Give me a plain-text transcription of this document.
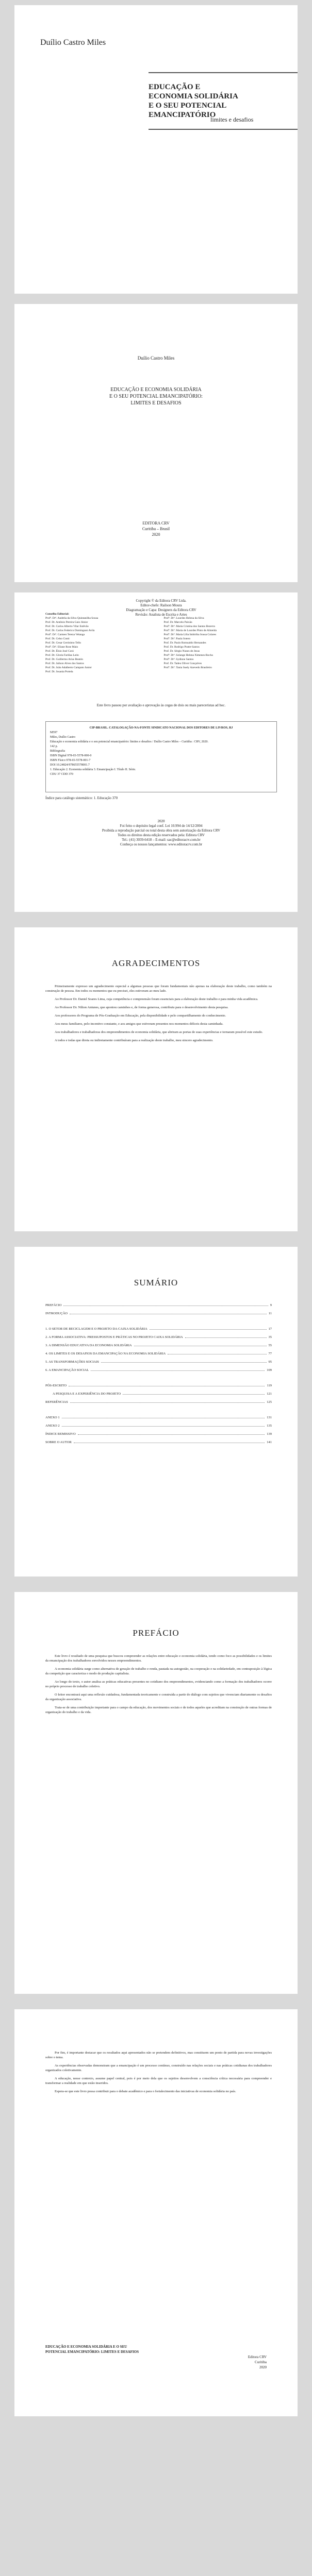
Duílio Castro Miles
EDUCAÇÃO E
ECONOMIA SOLIDÁRIA
E O SEU POTENCIAL
EMANCIPATÓRIO
limites e desafios
Duílio Castro Miles
EDUCAÇÃO E ECONOMIA SOLIDÁRIA
E O SEU POTENCIAL EMANCIPATÓRIO:
LIMITES E DESAFIOS
EDITORA CRV
Curitiba – Brasil
2020
Copyright © da Editora CRV Ltda.
Editor-chefe: Railson Moura
Diagramação e Capa: Designers da Editora CRV
Revisão: Analista de Escrita e Artes
Conselho Editorial:
Profª. Drª. Andréia da Silva Quintanilha Sousa
Prof. Dr. Antônio Pereira Gaio Júnior
Prof. Dr. Carlos Alberto Vilar Estêvão
Prof. Dr. Carlos Federico Domínguez Avila
Profª. Drª. Carmen Tereza Velanga
Prof. Dr. Celso Conti
Prof. Dr. Cesar Gerónimo Tello
Profª. Drª. Eliane Rose Maio
Prof. Dr. Élsio José Corá
Prof. Dr. Gloria Fariñas León
Prof. Dr. Guillermo Arias Beatón
Prof. Dr. Jailson Alves dos Santos
Prof. Dr. João Adalberto Campato Junior
Prof. Dr. Josania Portela

Profª. Drª. Lourdes Helena da Silva
Prof. Dr. Marcelo Paixão
Profª. Drª. Maria Cristina dos Santos Bezerra
Profª. Drª. Maria de Lourdes Pinto de Almeida
Profª. Drª. Maria Lília Imbiriba Sousa Colares
Profª. Drª. Paula Sotero
Prof. Dr. Paulo Romualdo Hernandes
Prof. Dr. Rodrigo Pratte-Santos
Prof. Dr. Sérgio Nunes de Jesus
Profª. Drª. Solange Helena Ximenes-Rocha
Profª. Drª. Sydione Santos
Prof. Dr. Tadeu Oliver Gonçalves
Profª. Drª. Tania Suely Azevedo Brasileiro
Este livro passou por avaliação e aprovação às cegas de dois ou mais pareceristas ad hoc.
CIP-BRASIL. CATALOGAÇÃO-NA-FONTE SINDICATO NACIONAL DOS EDITORES DE LIVROS, RJ
M597
Miles, Duílio Castro
Educação e economia solidária e o seu potencial emancipatório: limites e desafios / Duílio Castro Miles – Curitiba : CRV, 2020.
142 p.
Bibliografia
ISBN Digital 978-65-5578-000-0
ISBN Físico 978-65-5578-001-7
DOI 10.24824/978655578001.7
1. Educação 2. Economia solidária 3. Emancipação I. Título II. Série.
CDU 37 CDD 370
Índice para catálogo sistemático: 1. Educação 370
2020
Foi feito o depósito legal conf. Lei 10.994 de 14/12/2004
Proibida a reprodução parcial ou total desta obra sem autorização da Editora CRV
Todos os direitos desta edição reservados pela: Editora CRV
Tel.: (41) 3039-6418 – E-mail: sac@editoracrv.com.br
Conheça os nossos lançamentos: www.editoracrv.com.br
AGRADECIMENTOS

Primeiramente expresso um agradecimento especial a algumas pessoas que foram fundamentais não apenas na elaboração deste trabalho, como também na construção de pessoa. Em todos os momentos que eu precisei, eles estiveram ao meu lado.

Ao Professor Dr. Daniel Soares Lima, cuja competência e compreensão foram essenciais para a elaboração deste trabalho e para minha vida acadêmica.

Ao Professor Dr. Nilton Antunes, que apontou caminhos e, de forma generosa, contribuiu para o desenvolvimento desta pesquisa.

Aos professores do Programa de Pós-Graduação em Educação, pela disponibilidade e pelo compartilhamento do conhecimento.

Aos meus familiares, pelo incentivo constante, e aos amigos que estiveram presentes nos momentos difíceis desta caminhada.

Aos trabalhadores e trabalhadoras dos empreendimentos de economia solidária, que abriram as portas de suas experiências e tornaram possível este estudo.

A todos e todas que direta ou indiretamente contribuíram para a realização deste trabalho, meu sincero agradecimento.

SUMÁRIO
PREFÁCIO	9
INTRODUÇÃO	11
1. O SETOR DE RECICLAGEM E O PROJETO DA CAIXA SOLIDÁRIA	17
2. A FORMA ASSOCIATIVA: PRESSUPOSTOS E PRÁTICAS NO PROJETO CAIXA SOLIDÁRIA	35
3. A DIMENSÃO EDUCATIVA DA ECONOMIA SOLIDÁRIA	55
4. OS LIMITES E OS DESAFIOS DA EMANCIPAÇÃO NA ECONOMIA SOLIDÁRIA	77
5. AS TRANSFORMAÇÕES SOCIAIS	95
6. A EMANCIPAÇÃO SOCIAL	109
PÓS-ESCRITO	119
A PESQUISA E A EXPERIÊNCIA DO PROJETO	121
REFERÊNCIAS	125
ANEXO 1	131
ANEXO 2	135
ÍNDICE REMISSIVO	139
SOBRE O AUTOR	141
PREFÁCIO

Este livro é resultado de uma pesquisa que buscou compreender as relações entre educação e economia solidária, tendo como foco as possibilidades e os limites da emancipação dos trabalhadores envolvidos nesses empreendimentos.

A economia solidária surge como alternativa de geração de trabalho e renda, pautada na autogestão, na cooperação e na solidariedade, em contraposição à lógica da competição que caracteriza o modo de produção capitalista.

Ao longo do texto, o autor analisa as práticas educativas presentes no cotidiano dos empreendimentos, evidenciando como a formação dos trabalhadores ocorre no próprio processo de trabalho coletivo.

O leitor encontrará aqui uma reflexão cuidadosa, fundamentada teoricamente e construída a partir do diálogo com sujeitos que vivenciam diariamente os desafios da organização associativa.

Trata-se de uma contribuição importante para o campo da educação, dos movimentos sociais e de todos aqueles que acreditam na construção de outras formas de organização do trabalho e da vida.

Por fim, é importante destacar que os resultados aqui apresentados não se pretendem definitivos, mas constituem um ponto de partida para novas investigações sobre o tema.

As experiências observadas demonstram que a emancipação é um processo contínuo, construído nas relações sociais e nas práticas cotidianas dos trabalhadores organizados coletivamente.

A educação, nesse contexto, assume papel central, pois é por meio dela que os sujeitos desenvolvem a consciência crítica necessária para compreender e transformar a realidade em que estão inseridos.

Espera-se que este livro possa contribuir para o debate acadêmico e para o fortalecimento das iniciativas de economia solidária no país.

EDUCAÇÃO E ECONOMIA SOLIDÁRIA E O SEU POTENCIAL EMANCIPATÓRIO: LIMITES E DESAFIOS
Editora CRV
Curitiba
2020
